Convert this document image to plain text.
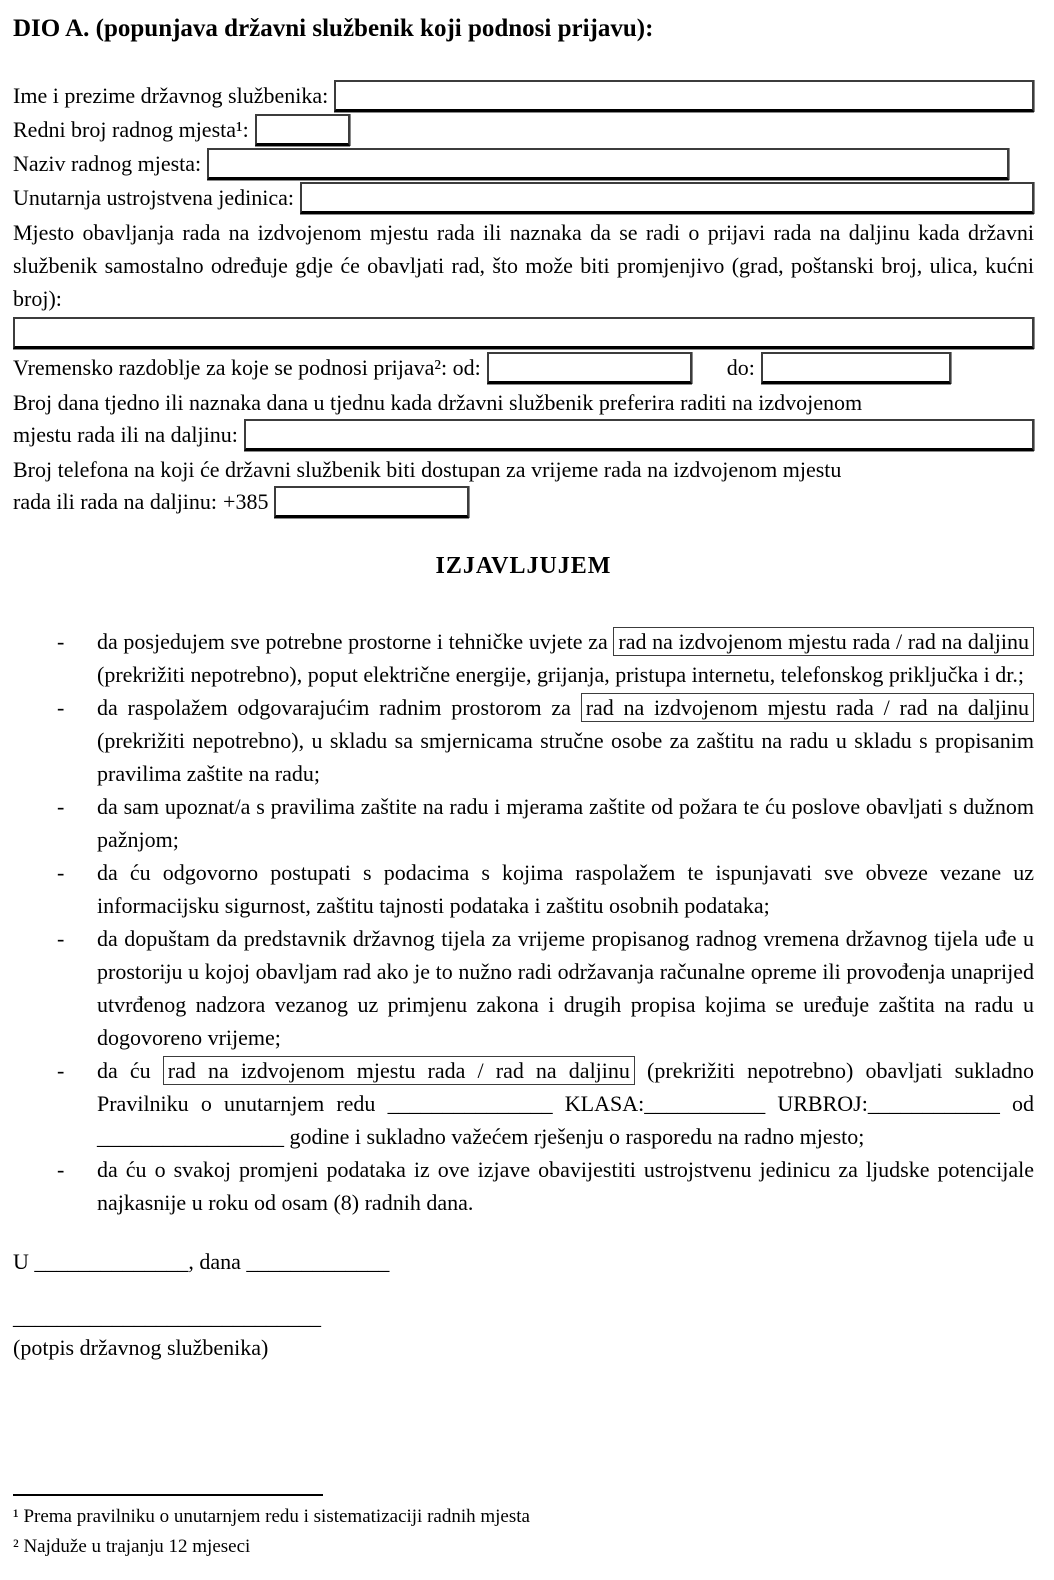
DIO A. (popunjava državni službenik koji podnosi prijavu):
Ime i prezime državnog službenika:
Redni broj radnog mjesta¹:
Naziv radnog mjesta:
Unutarnja ustrojstvena jedinica:
Mjesto obavljanja rada na izdvojenom mjestu rada ili naznaka da se radi o prijavi rada na daljinu kada državni službenik samostalno određuje gdje će obavljati rad, što može biti promjenjivo (grad, poštanski broj, ulica, kućni broj):
Vremensko razdoblje za koje se podnosi prijava²: od:	do:
Broj dana tjedno ili naznaka dana u tjednu kada državni službenik preferira raditi na izdvojenom
mjestu rada ili na daljinu:
Broj telefona na koji će državni službenik biti dostupan za vrijeme rada na izdvojenom mjestu
rada ili rada na daljinu: +385
IZJAVLJUJEM
- da posjedujem sve potrebne prostorne i tehničke uvjete za rad na izdvojenom mjestu rada / rad na daljinu (prekrižiti nepotrebno), poput električne energije, grijanja, pristupa internetu, telefonskog priključka i dr.;
- da raspolažem odgovarajućim radnim prostorom za rad na izdvojenom mjestu rada / rad na daljinu (prekrižiti nepotrebno), u skladu sa smjernicama stručne osobe za zaštitu na radu u skladu s propisanim pravilima zaštite na radu;
- da sam upoznat/a s pravilima zaštite na radu i mjerama zaštite od požara te ću poslove obavljati s dužnom pažnjom;
- da ću odgovorno postupati s podacima s kojima raspolažem te ispunjavati sve obveze vezane uz informacijsku sigurnost, zaštitu tajnosti podataka i zaštitu osobnih podataka;
- da dopuštam da predstavnik državnog tijela za vrijeme propisanog radnog vremena državnog tijela uđe u prostoriju u kojoj obavljam rad ako je to nužno radi održavanja računalne opreme ili provođenja unaprijed utvrđenog nadzora vezanog uz primjenu zakona i drugih propisa kojima se uređuje zaštita na radu u dogovoreno vrijeme;
- da ću rad na izdvojenom mjestu rada / rad na daljinu (prekrižiti nepotrebno) obavljati sukladno Pravilniku o unutarnjem redu _______________ KLASA:___________ URBROJ:____________ od _________________ godine i sukladno važećem rješenju o rasporedu na radno mjesto;
- da ću o svakoj promjeni podataka iz ove izjave obavijestiti ustrojstvenu jedinicu za ljudske potencijale najkasnije u roku od osam (8) radnih dana.
U ______________, dana _____________
____________________________
(potpis državnog službenika)
¹ Prema pravilniku o unutarnjem redu i sistematizaciji radnih mjesta
² Najduže u trajanju 12 mjeseci
